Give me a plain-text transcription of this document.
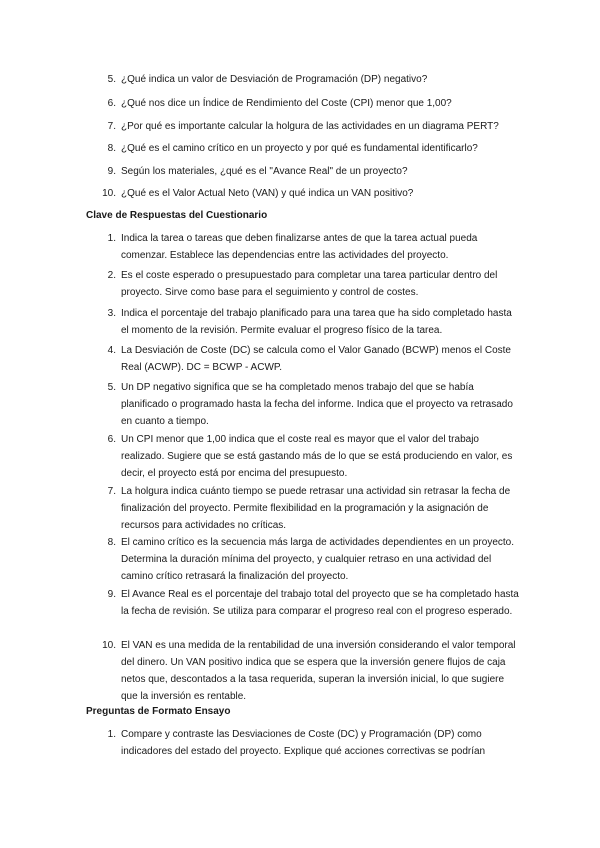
5. ¿Qué indica un valor de Desviación de Programación (DP) negativo?
6. ¿Qué nos dice un Índice de Rendimiento del Coste (CPI) menor que 1,00?
7. ¿Por qué es importante calcular la holgura de las actividades en un diagrama PERT?
8. ¿Qué es el camino crítico en un proyecto y por qué es fundamental identificarlo?
9. Según los materiales, ¿qué es el "Avance Real" de un proyecto?
10. ¿Qué es el Valor Actual Neto (VAN) y qué indica un VAN positivo?
Clave de Respuestas del Cuestionario
1. Indica la tarea o tareas que deben finalizarse antes de que la tarea actual pueda comenzar. Establece las dependencias entre las actividades del proyecto.
2. Es el coste esperado o presupuestado para completar una tarea particular dentro del proyecto. Sirve como base para el seguimiento y control de costes.
3. Indica el porcentaje del trabajo planificado para una tarea que ha sido completado hasta el momento de la revisión. Permite evaluar el progreso físico de la tarea.
4. La Desviación de Coste (DC) se calcula como el Valor Ganado (BCWP) menos el Coste Real (ACWP). DC = BCWP - ACWP.
5. Un DP negativo significa que se ha completado menos trabajo del que se había planificado o programado hasta la fecha del informe. Indica que el proyecto va retrasado en cuanto a tiempo.
6. Un CPI menor que 1,00 indica que el coste real es mayor que el valor del trabajo realizado. Sugiere que se está gastando más de lo que se está produciendo en valor, es decir, el proyecto está por encima del presupuesto.
7. La holgura indica cuánto tiempo se puede retrasar una actividad sin retrasar la fecha de finalización del proyecto. Permite flexibilidad en la programación y la asignación de recursos para actividades no críticas.
8. El camino crítico es la secuencia más larga de actividades dependientes en un proyecto. Determina la duración mínima del proyecto, y cualquier retraso en una actividad del camino crítico retrasará la finalización del proyecto.
9. El Avance Real es el porcentaje del trabajo total del proyecto que se ha completado hasta la fecha de revisión. Se utiliza para comparar el progreso real con el progreso esperado.
10. El VAN es una medida de la rentabilidad de una inversión considerando el valor temporal del dinero. Un VAN positivo indica que se espera que la inversión genere flujos de caja netos que, descontados a la tasa requerida, superan la inversión inicial, lo que sugiere que la inversión es rentable.
Preguntas de Formato Ensayo
1. Compare y contraste las Desviaciones de Coste (DC) y Programación (DP) como indicadores del estado del proyecto. Explique qué acciones correctivas se podrían
